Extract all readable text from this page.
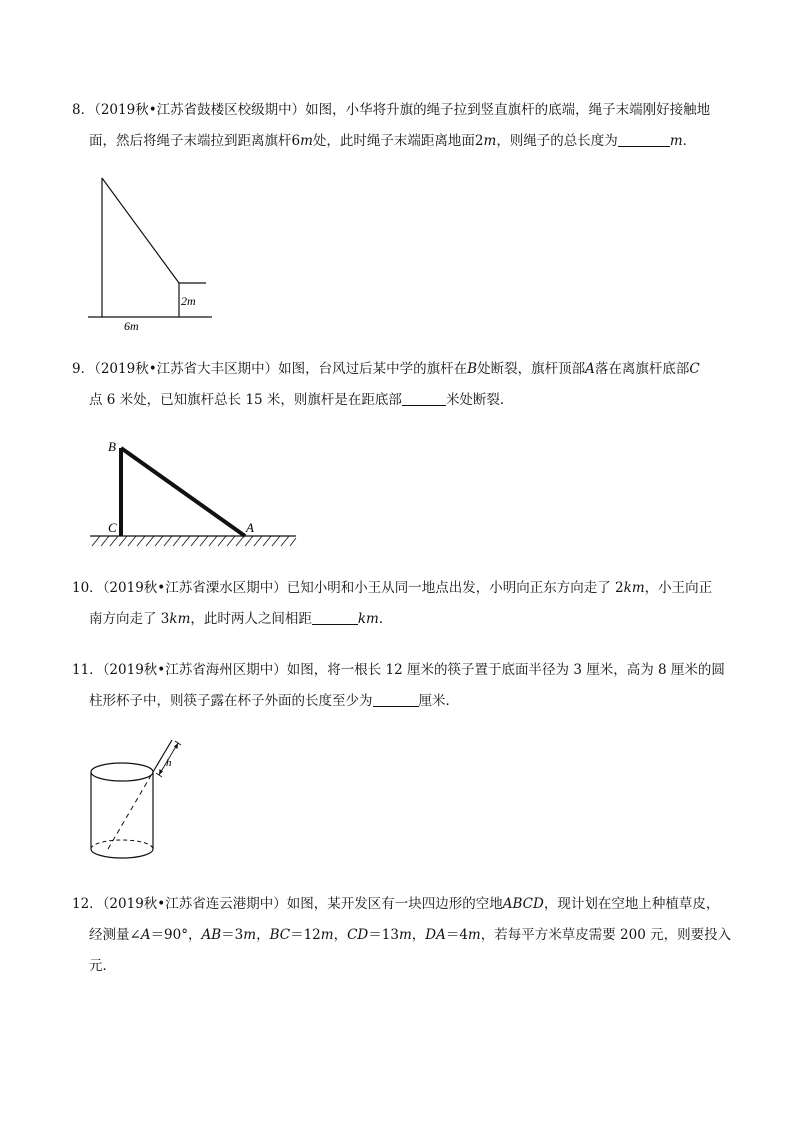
8．（2019秋•江苏省鼓楼区校级期中）如图，小华将升旗的绳子拉到竖直旗杆的底端，绳子末端刚好接触地
面，然后将绳子末端拉到距离旗杆6m处，此时绳子末端距离地面2m，则绳子的总长度为	m．
2m
6m
9．（2019秋•江苏省大丰区期中）如图，台风过后某中学的旗杆在B处断裂，旗杆顶部A落在离旗杆底部C
点 6 米处，已知旗杆总长 15 米，则旗杆是在距底部	米处断裂．
B
C	A
10．（2019秋•江苏省溧水区期中）已知小明和小王从同一地点出发，小明向正东方向走了 2km，小王向正
南方向走了 3km，此时两人之间相距	km．
11．（2019秋•江苏省海州区期中）如图，将一根长 12 厘米的筷子置于底面半径为 3 厘米，高为 8 厘米的圆
柱形杯子中，则筷子露在杯子外面的长度至少为	厘米．
h
12．（2019秋•江苏省连云港期中）如图，某开发区有一块四边形的空地ABCD，现计划在空地上种植草皮，
经测量∠A＝90°，AB＝3m，BC＝12m，CD＝13m，DA＝4m，若每平方米草皮需要 200 元，则要投入
元．
